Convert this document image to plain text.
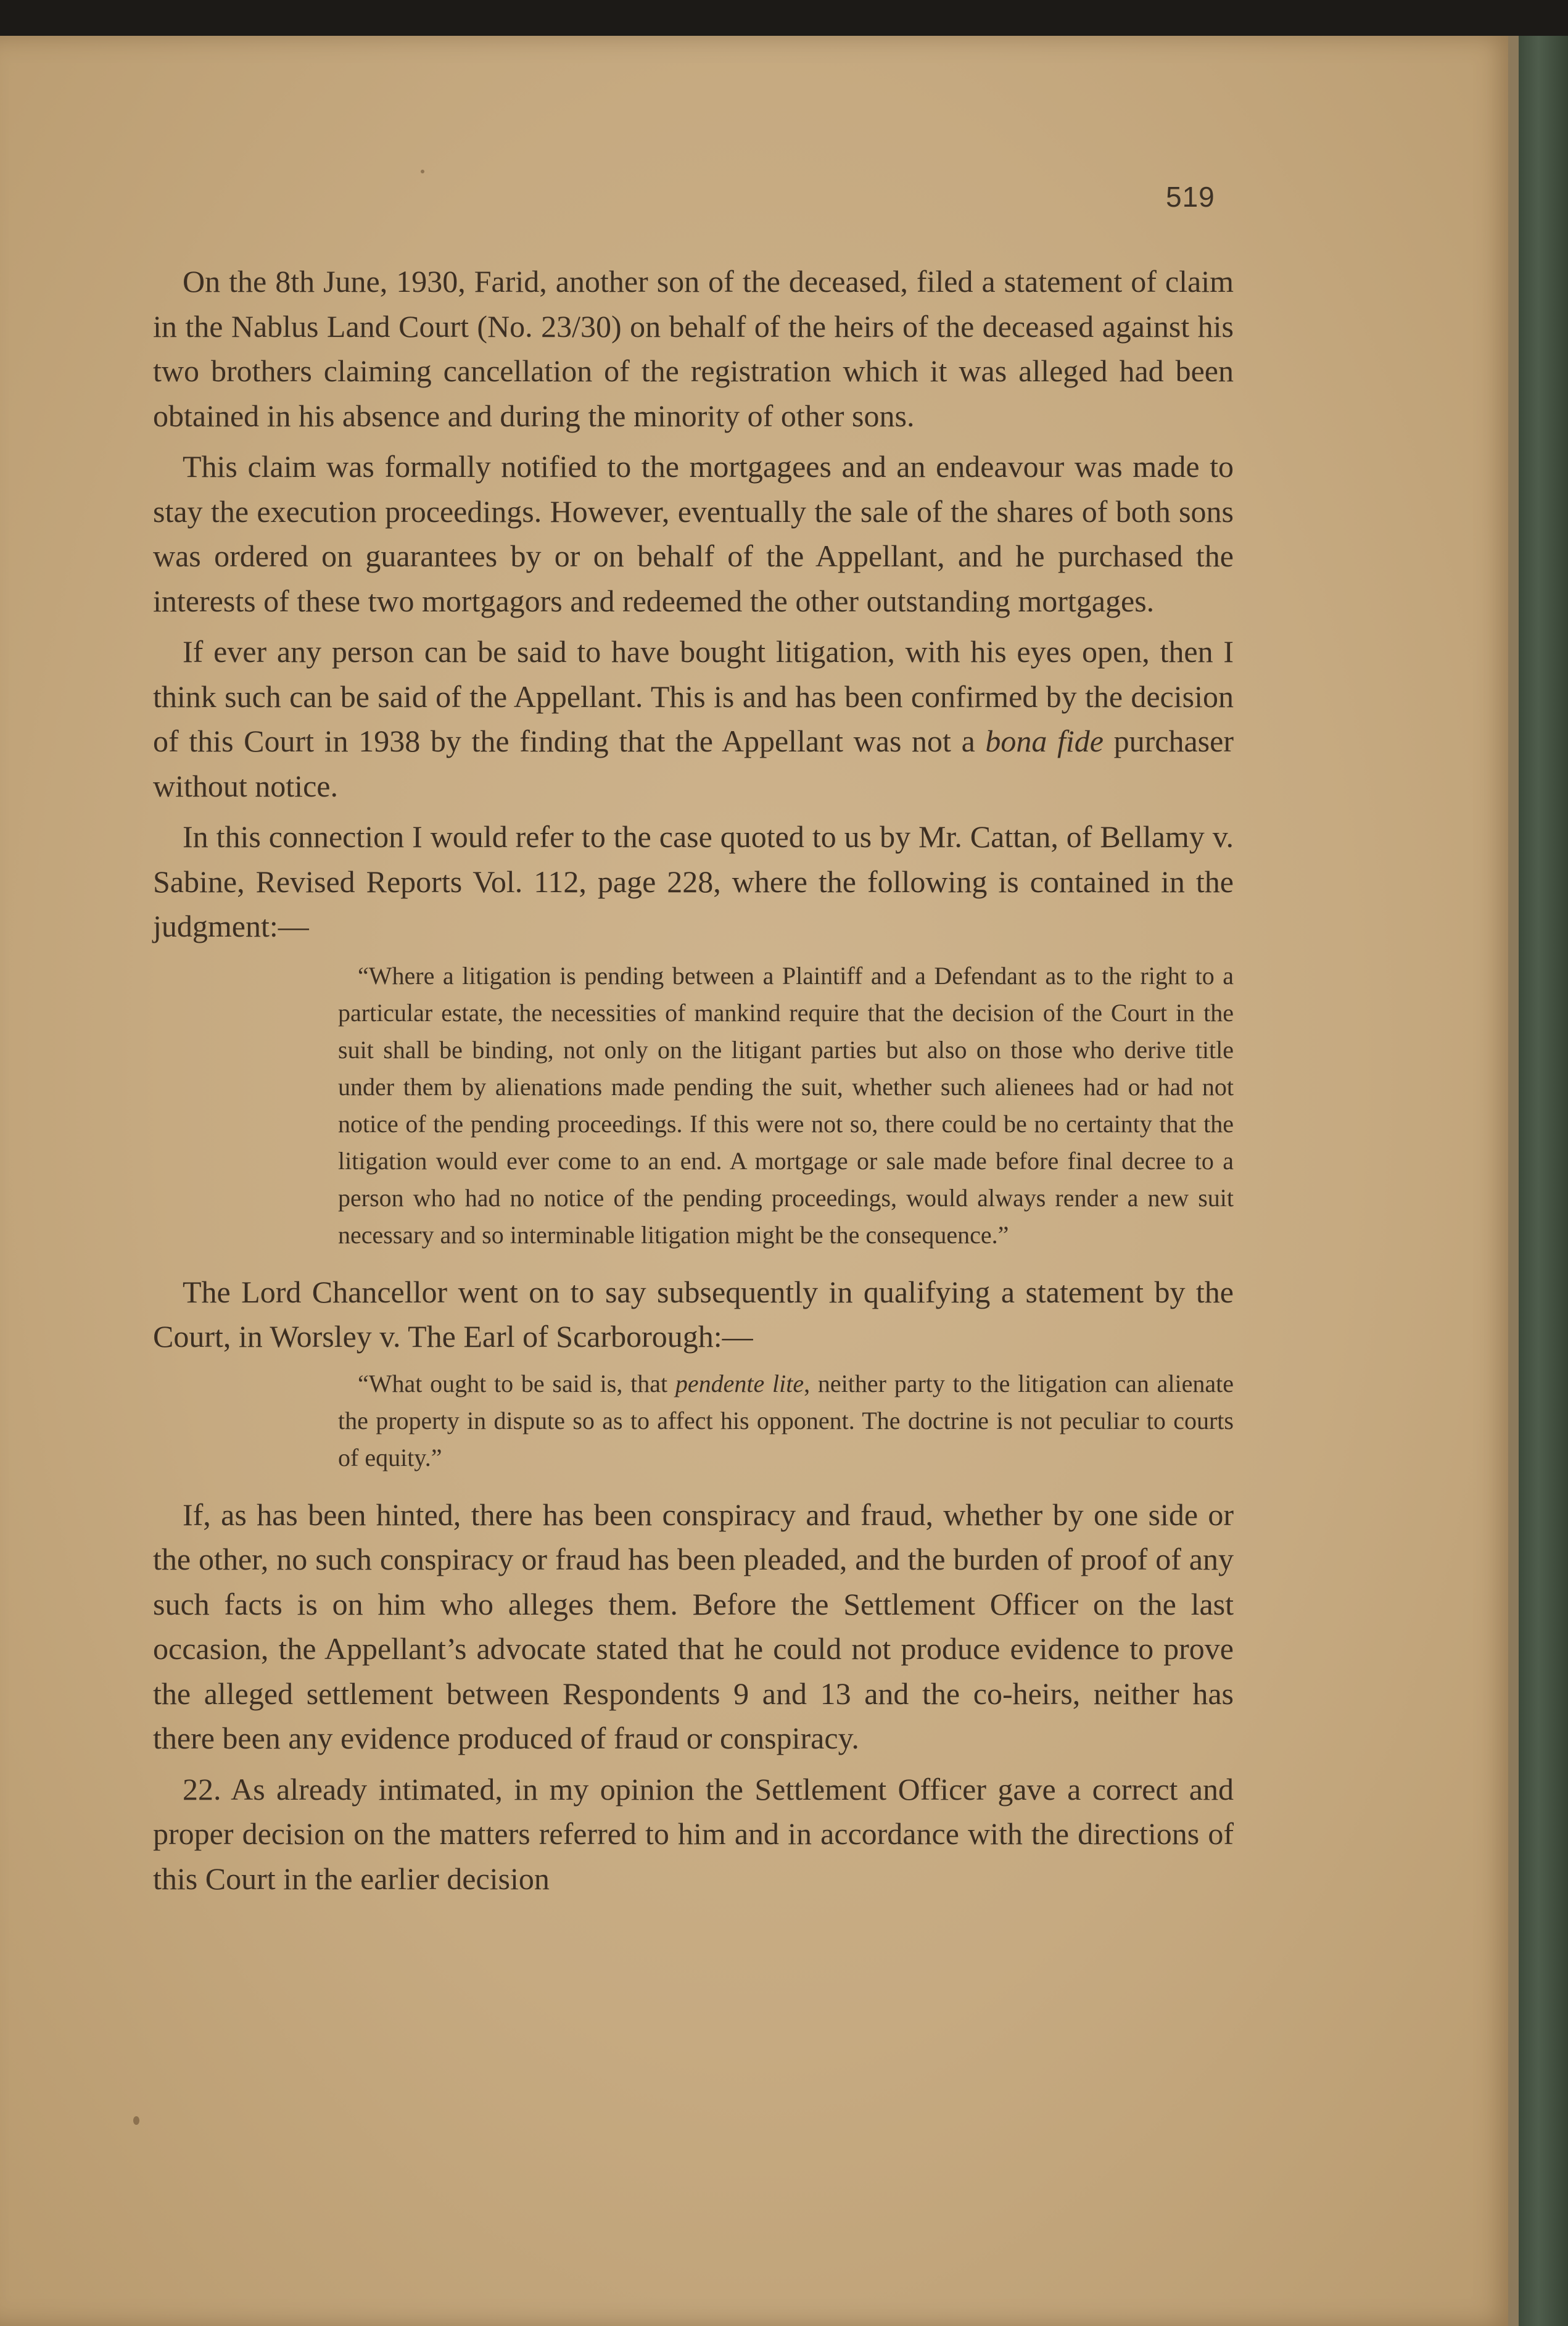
519

On the 8th June, 1930, Farid, another son of the deceased, filed a statement of claim in the Nablus Land Court (No. 23/30) on behalf of the heirs of the deceased against his two brothers claiming cancellation of the registration which it was alleged had been obtained in his absence and during the minority of other sons.

This claim was formally notified to the mortgagees and an endeavour was made to stay the execution proceedings. However, eventually the sale of the shares of both sons was ordered on guarantees by or on behalf of the Appellant, and he purchased the interests of these two mortgagors and redeemed the other outstanding mortgages.

If ever any person can be said to have bought litigation, with his eyes open, then I think such can be said of the Appellant. This is and has been confirmed by the decision of this Court in 1938 by the finding that the Appellant was not a bona fide purchaser without notice.

In this connection I would refer to the case quoted to us by Mr. Cattan, of Bellamy v. Sabine, Revised Reports Vol. 112, page 228, where the following is contained in the judgment:—

“Where a litigation is pending between a Plaintiff and a Defendant as to the right to a particular estate, the necessities of mankind require that the decision of the Court in the suit shall be binding, not only on the litigant parties but also on those who derive title under them by alienations made pending the suit, whether such alienees had or had not notice of the pending proceedings. If this were not so, there could be no certainty that the litigation would ever come to an end. A mortgage or sale made before final decree to a person who had no notice of the pending proceedings, would always render a new suit necessary and so interminable litigation might be the consequence.”

The Lord Chancellor went on to say subsequently in qualifying a statement by the Court, in Worsley v. The Earl of Scarborough:—

“What ought to be said is, that pendente lite, neither party to the litigation can alienate the property in dispute so as to affect his opponent. The doctrine is not peculiar to courts of equity.”

If, as has been hinted, there has been conspiracy and fraud, whether by one side or the other, no such conspiracy or fraud has been pleaded, and the burden of proof of any such facts is on him who alleges them. Before the Settlement Officer on the last occasion, the Appellant’s advocate stated that he could not produce evidence to prove the alleged settlement between Respondents 9 and 13 and the co-heirs, neither has there been any evidence produced of fraud or conspiracy.

22. As already intimated, in my opinion the Settlement Officer gave a correct and proper decision on the matters referred to him and in accordance with the directions of this Court in the earlier decision
